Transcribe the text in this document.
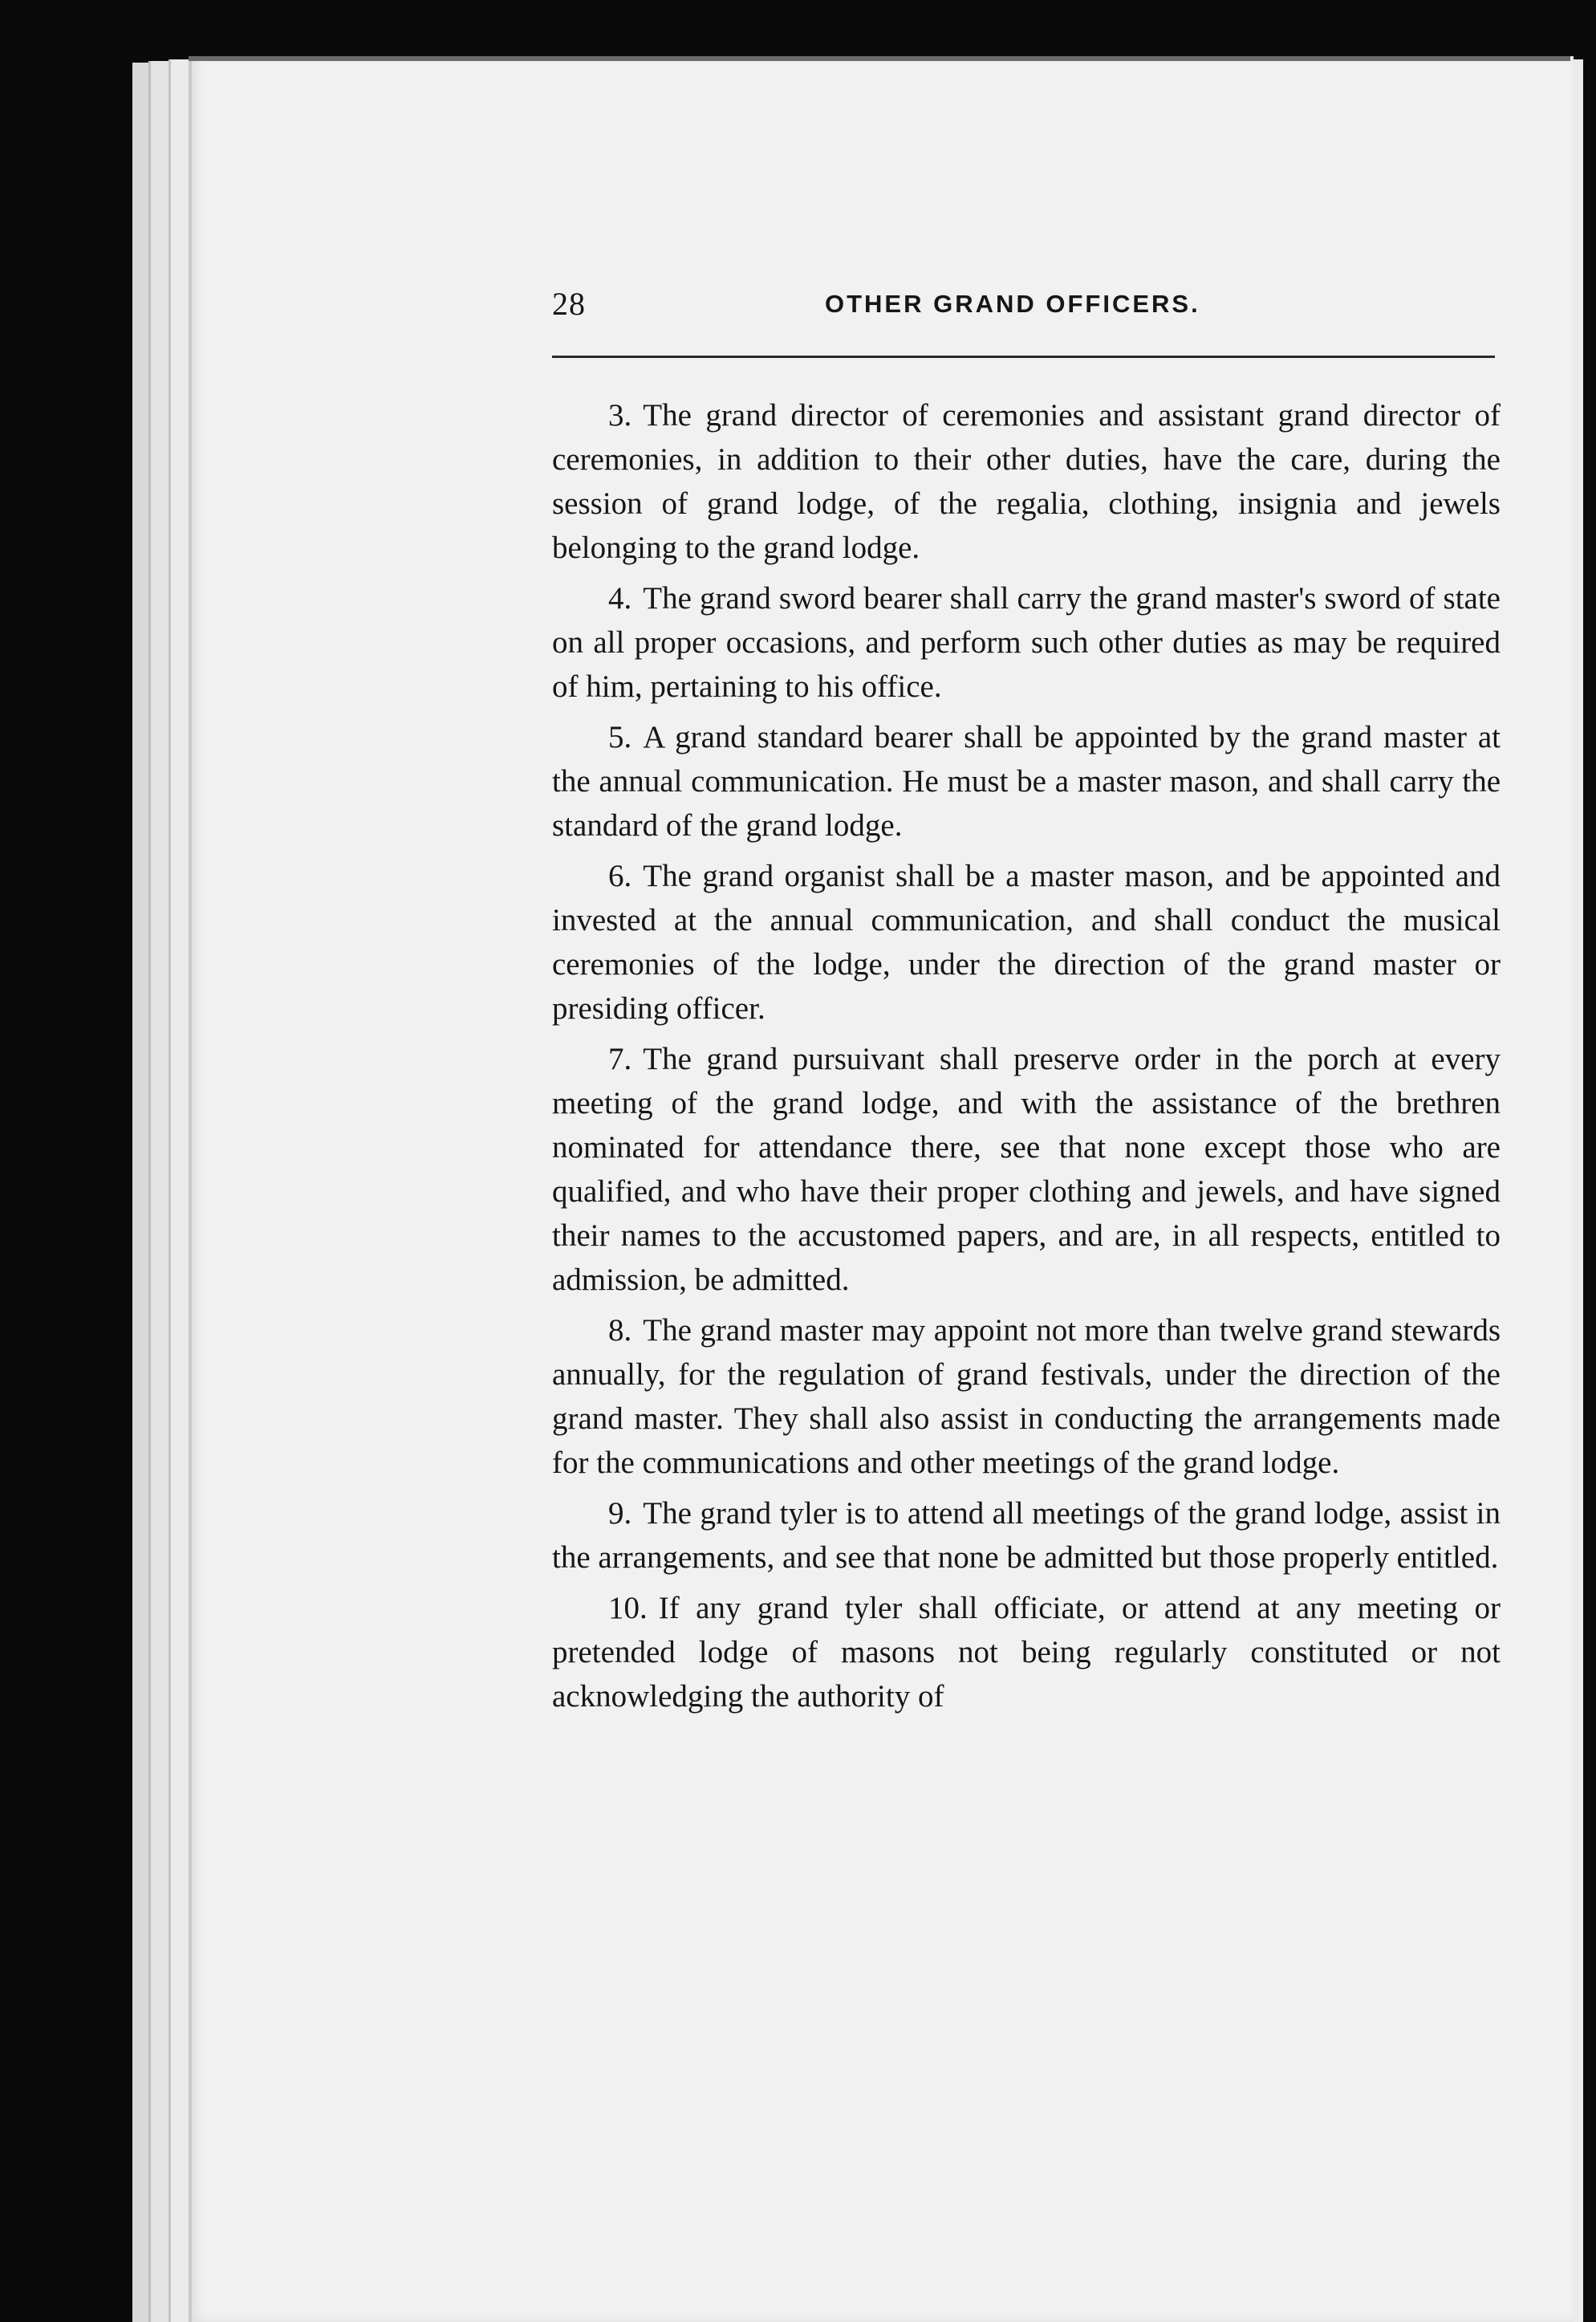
28	OTHER GRAND OFFICERS.

3. The grand director of ceremonies and assistant grand director of ceremonies, in addition to their other duties, have the care, during the session of grand lodge, of the regalia, clothing, insignia and jewels belonging to the grand lodge.

4. The grand sword bearer shall carry the grand master's sword of state on all proper occasions, and perform such other duties as may be required of him, pertaining to his office.

5. A grand standard bearer shall be appointed by the grand master at the annual communication. He must be a master mason, and shall carry the standard of the grand lodge.

6. The grand organist shall be a master mason, and be appointed and invested at the annual communication, and shall conduct the musical ceremonies of the lodge, under the direction of the grand master or presiding officer.

7. The grand pursuivant shall preserve order in the porch at every meeting of the grand lodge, and with the assistance of the brethren nominated for attendance there, see that none except those who are qualified, and who have their proper clothing and jewels, and have signed their names to the accustomed papers, and are, in all respects, entitled to admission, be admitted.

8. The grand master may appoint not more than twelve grand stewards annually, for the regulation of grand festivals, under the direction of the grand master. They shall also assist in conducting the arrangements made for the communications and other meetings of the grand lodge.

9. The grand tyler is to attend all meetings of the grand lodge, assist in the arrangements, and see that none be admitted but those properly entitled.

10. If any grand tyler shall officiate, or attend at any meeting or pretended lodge of masons not being regularly constituted or not acknowledging the authority of
